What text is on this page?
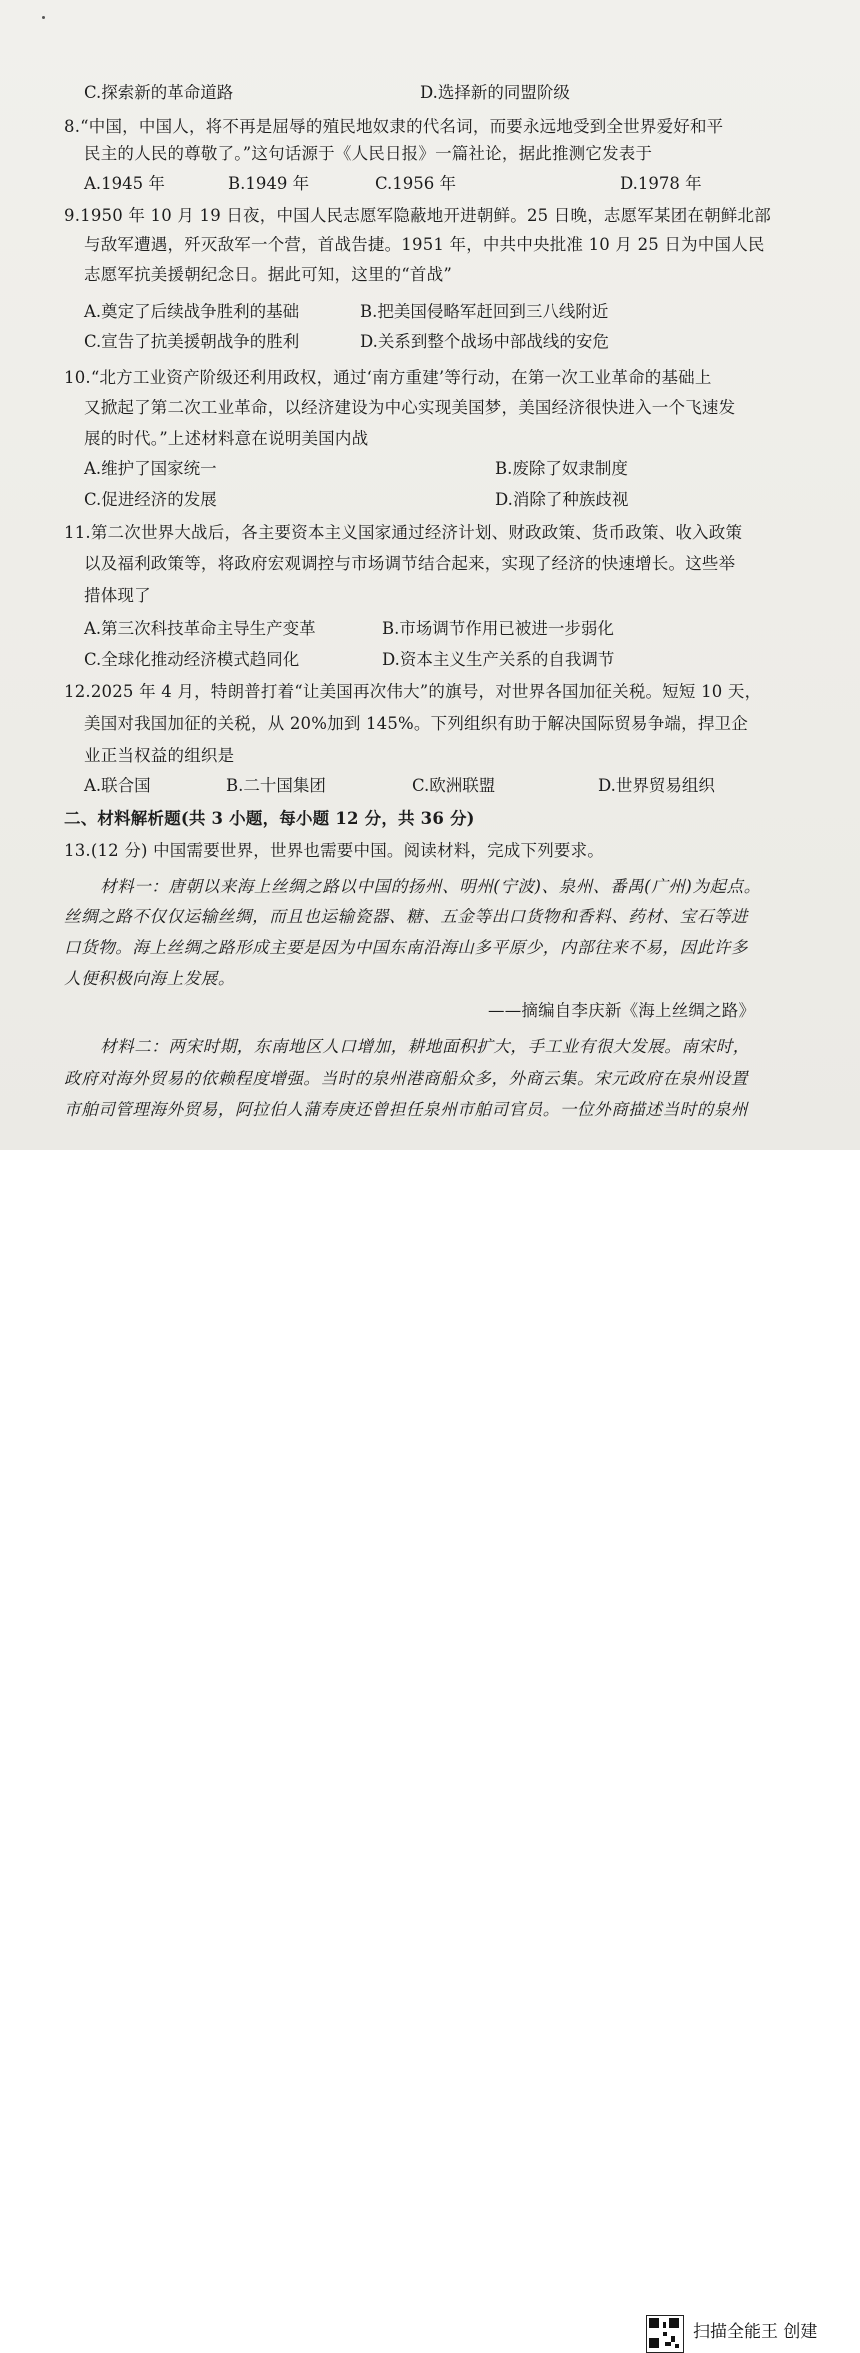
C.探索新的革命道路	D.选择新的同盟阶级
8.“中国，中国人，将不再是屈辱的殖民地奴隶的代名词，而要永远地受到全世界爱好和平
民主的人民的尊敬了。”这句话源于《人民日报》一篇社论，据此推测它发表于
A.1945 年	B.1949 年	C.1956 年	D.1978 年
9.1950 年 10 月 19 日夜，中国人民志愿军隐蔽地开进朝鲜。25 日晚，志愿军某团在朝鲜北部
与敌军遭遇，歼灭敌军一个营，首战告捷。1951 年，中共中央批准 10 月 25 日为中国人民
志愿军抗美援朝纪念日。据此可知，这里的“首战”
A.奠定了后续战争胜利的基础	B.把美国侵略军赶回到三八线附近
C.宣告了抗美援朝战争的胜利	D.关系到整个战场中部战线的安危
10.“北方工业资产阶级还利用政权，通过‘南方重建’等行动，在第一次工业革命的基础上
又掀起了第二次工业革命，以经济建设为中心实现美国梦，美国经济很快进入一个飞速发
展的时代。”上述材料意在说明美国内战
A.维护了国家统一	B.废除了奴隶制度
C.促进经济的发展	D.消除了种族歧视
11.第二次世界大战后，各主要资本主义国家通过经济计划、财政政策、货币政策、收入政策
以及福利政策等，将政府宏观调控与市场调节结合起来，实现了经济的快速增长。这些举
措体现了
A.第三次科技革命主导生产变革	B.市场调节作用已被进一步弱化
C.全球化推动经济模式趋同化	D.资本主义生产关系的自我调节
12.2025 年 4 月，特朗普打着“让美国再次伟大”的旗号，对世界各国加征关税。短短 10 天，
美国对我国加征的关税，从 20%加到 145%。下列组织有助于解决国际贸易争端，捍卫企
业正当权益的组织是
A.联合国	B.二十国集团	C.欧洲联盟	D.世界贸易组织
二、材料解析题(共 3 小题，每小题 12 分，共 36 分)
13.(12 分) 中国需要世界，世界也需要中国。阅读材料，完成下列要求。
材料一：唐朝以来海上丝绸之路以中国的扬州、明州(宁波)、泉州、番禺(广州)为起点。
丝绸之路不仅仅运输丝绸，而且也运输瓷器、糖、五金等出口货物和香料、药材、宝石等进
口货物。海上丝绸之路形成主要是因为中国东南沿海山多平原少，内部往来不易，因此许多
人便积极向海上发展。
——摘编自李庆新《海上丝绸之路》
材料二：两宋时期，东南地区人口增加，耕地面积扩大，手工业有很大发展。南宋时，
政府对海外贸易的依赖程度增强。当时的泉州港商船众多，外商云集。宋元政府在泉州设置
市舶司管理海外贸易，阿拉伯人蒲寿庚还曾担任泉州市舶司官员。一位外商描述当时的泉州
扫描全能王 创建
